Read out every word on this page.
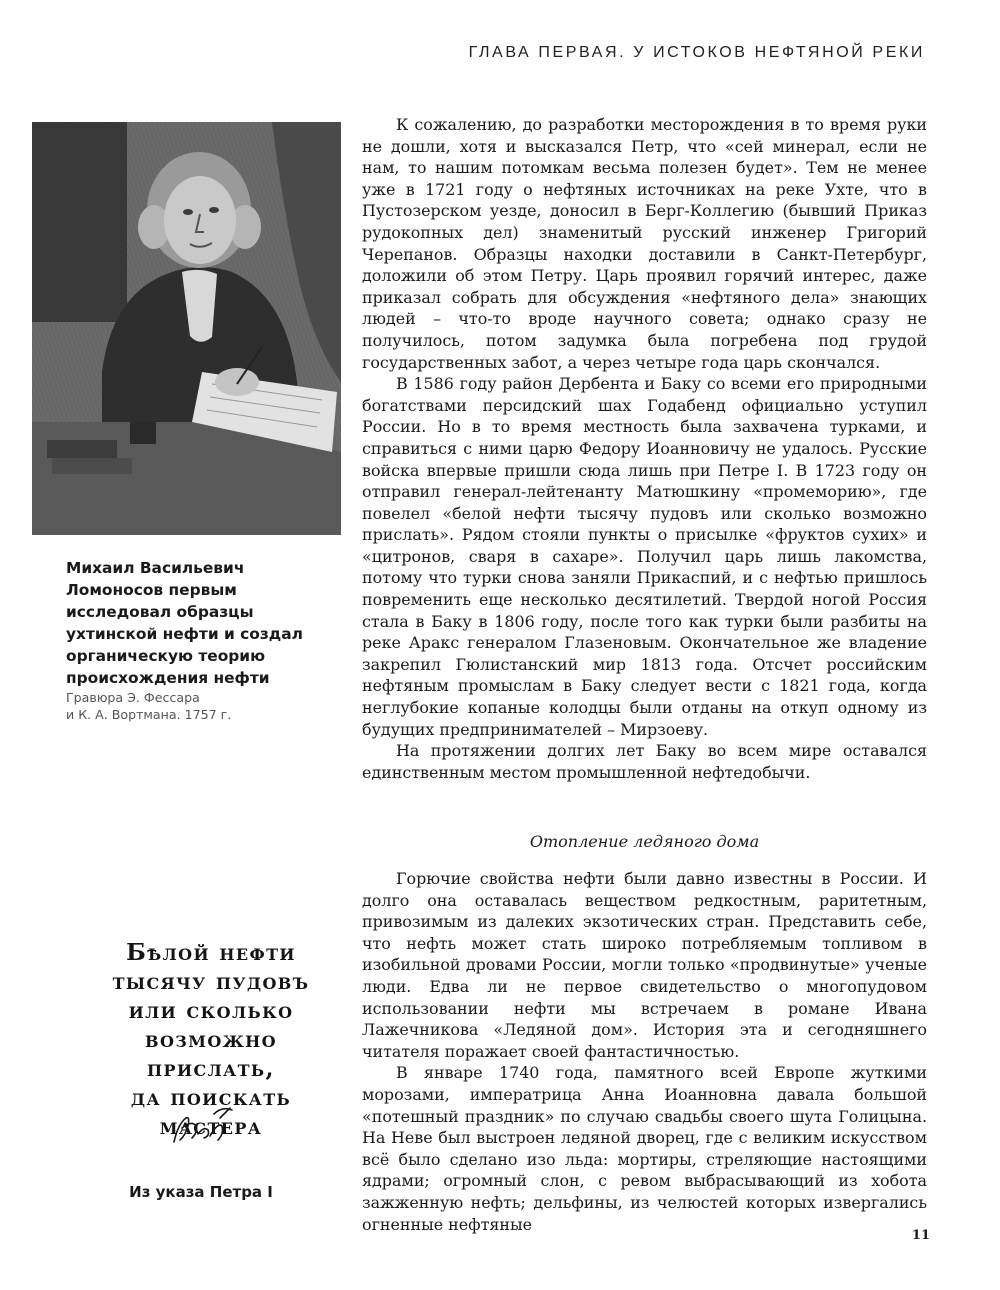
ГЛАВА ПЕРВАЯ. У ИСТОКОВ НЕФТЯНОЙ РЕКИ
Михаил Васильевич Ломоносов первым исследовал образцы ухтинской нефти и создал органическую теорию происхождения нефти
Гравюра Э. Фессара
и К. А. Вортмана. 1757 г.
Бѣлой нефти
тысячу пудовъ
или сколько
возможно
прислать,
да поискать
мастера
Из указа Петра I

К сожалению, до разработки месторождения в то время руки не дошли, хотя и высказался Петр, что «сей минерал, если не нам, то нашим потомкам весьма полезен будет». Тем не менее уже в 1721 году о нефтяных источниках на реке Ухте, что в Пустозерском уезде, доносил в Берг-Коллегию (бывший Приказ рудокопных дел) знаменитый русский инженер Григорий Черепанов. Образцы находки доставили в Санкт-Петербург, доложили об этом Петру. Царь проявил горячий интерес, даже приказал собрать для обсуждения «нефтяного дела» знающих людей – что-то вроде научного совета; однако сразу не получилось, потом задумка была погребена под грудой государственных забот, а через четыре года царь скончался.

В 1586 году район Дербента и Баку со всеми его природными богатствами персидский шах Годабенд официально уступил России. Но в то время местность была захвачена турками, и справиться с ними царю Федору Иоанновичу не удалось. Русские войска впервые пришли сюда лишь при Петре I. В 1723 году он отправил генерал-лейтенанту Матюшкину «промеморию», где повелел «белой нефти тысячу пудовъ или сколько возможно прислать». Рядом стояли пункты о присылке «фруктов сухих» и «цитронов, сваря в сахаре». Получил царь лишь лакомства, потому что турки снова заняли Прикаспий, и с нефтью пришлось повременить еще несколько десятилетий. Твердой ногой Россия стала в Баку в 1806 году, после того как турки были разбиты на реке Аракс генералом Глазеновым. Окончательное же владение закрепил Гюлистанский мир 1813 года. Отсчет российским нефтяным промыслам в Баку следует вести с 1821 года, когда неглубокие копаные колодцы были отданы на откуп одному из будущих предпринимателей – Мирзоеву.

На протяжении долгих лет Баку во всем мире оставался единственным местом промышленной нефтедобычи.

Отопление ледяного дома

Горючие свойства нефти были давно известны в России. И долго она оставалась веществом редкостным, раритетным, привозимым из далеких экзотических стран. Представить себе, что нефть может стать широко потребляемым топливом в изобильной дровами России, могли только «продвинутые» ученые люди. Едва ли не первое свидетельство о многопудовом использовании нефти мы встречаем в романе Ивана Лажечникова «Ледяной дом». История эта и сегодняшнего читателя поражает своей фантастичностью.

В январе 1740 года, памятного всей Европе жуткими морозами, императрица Анна Иоанновна давала большой «потешный праздник» по случаю свадьбы своего шута Голицына. На Неве был выстроен ледяной дворец, где с великим искусством всё было сделано изо льда: мортиры, стреляющие настоящими ядрами; огромный слон, с ревом выбрасывающий из хобота зажженную нефть; дельфины, из челюстей которых извергались огненные нефтяные

11
